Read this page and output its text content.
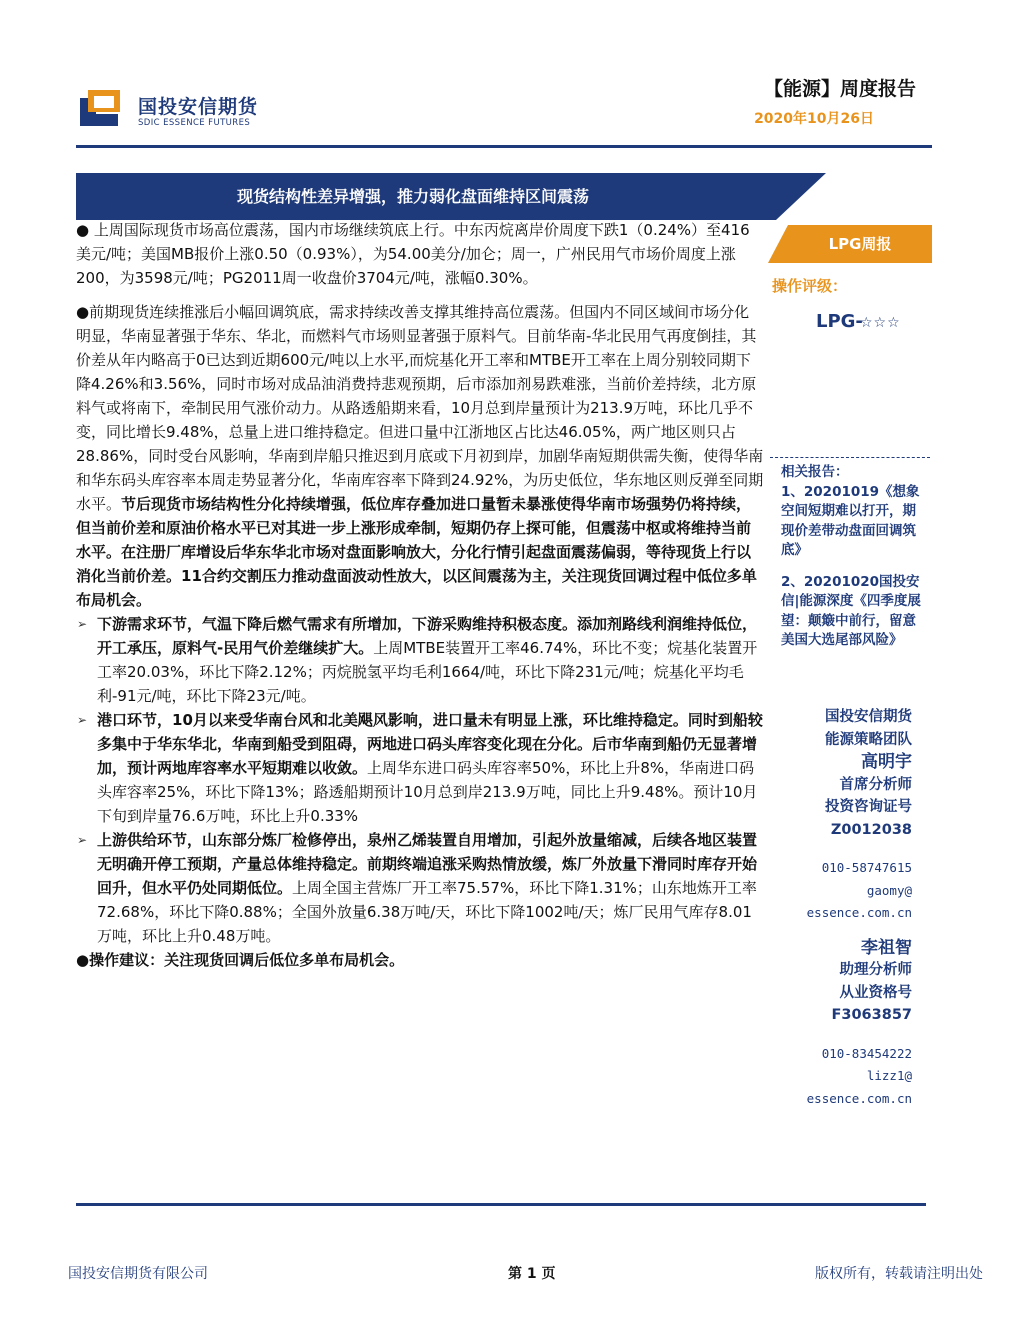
国投安信期货
SDIC ESSENCE FUTURES
【能源】周度报告
2020年10月26日
现货结构性差异增强，推力弱化盘面维持区间震荡

● 上周国际现货市场高位震荡，国内市场继续筑底上行。中东丙烷离岸价周度下跌1（0.24%）至416美元/吨；美国MB报价上涨0.50（0.93%），为54.00美分/加仑；周一，广州民用气市场价周度上涨200，为3598元/吨；PG2011周一收盘价3704元/吨，涨幅0.30%。

●前期现货连续推涨后小幅回调筑底，需求持续改善支撑其维持高位震荡。但国内不同区域间市场分化明显，华南显著强于华东、华北，而燃料气市场则显著强于原料气。目前华南-华北民用气再度倒挂，其价差从年内略高于0已达到近期600元/吨以上水平,而烷基化开工率和MTBE开工率在上周分别较同期下降4.26%和3.56%，同时市场对成品油消费持悲观预期，后市添加剂易跌难涨，当前价差持续，北方原料气或将南下，牵制民用气涨价动力。从路透船期来看，10月总到岸量预计为213.9万吨，环比几乎不变，同比增长9.48%，总量上进口维持稳定。但进口量中江浙地区占比达46.05%，两广地区则只占28.86%，同时受台风影响，华南到岸船只推迟到月底或下月初到岸，加剧华南短期供需失衡，使得华南和华东码头库容率本周走势显著分化，华南库容率下降到24.92%，为历史低位，华东地区则反弹至同期水平。节后现货市场结构性分化持续增强，低位库存叠加进口量暂未暴涨使得华南市场强势仍将持续，但当前价差和原油价格水平已对其进一步上涨形成牵制，短期仍存上探可能，但震荡中枢或将维持当前水平。在注册厂库增设后华东华北市场对盘面影响放大，分化行情引起盘面震荡偏弱，等待现货上行以消化当前价差。11合约交割压力推动盘面波动性放大，以区间震荡为主，关注现货回调过程中低位多单布局机会。

➢ 下游需求环节，气温下降后燃气需求有所增加，下游采购维持积极态度。添加剂路线利润维持低位，开工承压，原料气-民用气价差继续扩大。上周MTBE装置开工率46.74%，环比不变；烷基化装置开工率20.03%，环比下降2.12%；丙烷脱氢平均毛利1664/吨，环比下降231元/吨；烷基化平均毛利-91元/吨，环比下降23元/吨。

➢ 港口环节，10月以来受华南台风和北美飓风影响，进口量未有明显上涨，环比维持稳定。同时到船较多集中于华东华北，华南到船受到阻碍，两地进口码头库容变化现在分化。后市华南到船仍无显著增加，预计两地库容率水平短期难以收敛。上周华东进口码头库容率50%，环比上升8%，华南进口码头库容率25%，环比下降13%；路透船期预计10月总到岸213.9万吨，同比上升9.48%。预计10月下旬到岸量76.6万吨，环比上升0.33%

➢ 上游供给环节，山东部分炼厂检修停出，泉州乙烯装置自用增加，引起外放量缩减，后续各地区装置无明确开停工预期，产量总体维持稳定。前期终端追涨采购热情放缓，炼厂外放量下滑同时库存开始回升，但水平仍处同期低位。上周全国主营炼厂开工率75.57%，环比下降1.31%；山东地炼开工率72.68%，环比下降0.88%；全国外放量6.38万吨/天，环比下降1002吨/天；炼厂民用气库存8.01万吨，环比上升0.48万吨。

●操作建议：关注现货回调后低位多单布局机会。

LPG周报
操作评级：
LPG-
☆☆☆

相关报告：

1、20201019《想象空间短期难以打开，期现价差带动盘面回调筑底》

2、20201020国投安信|能源深度《四季度展望：颠簸中前行，留意美国大选尾部风险》

国投安信期货

能源策略团队

高明宇

首席分析师

投资咨询证号

Z0012038

010-58747615

gaomy@

essence.com.cn

李祖智

助理分析师

从业资格号

F3063857

010-83454222

lizz1@

essence.com.cn

国投安信期货有限公司	第 1 页	版权所有，转载请注明出处
